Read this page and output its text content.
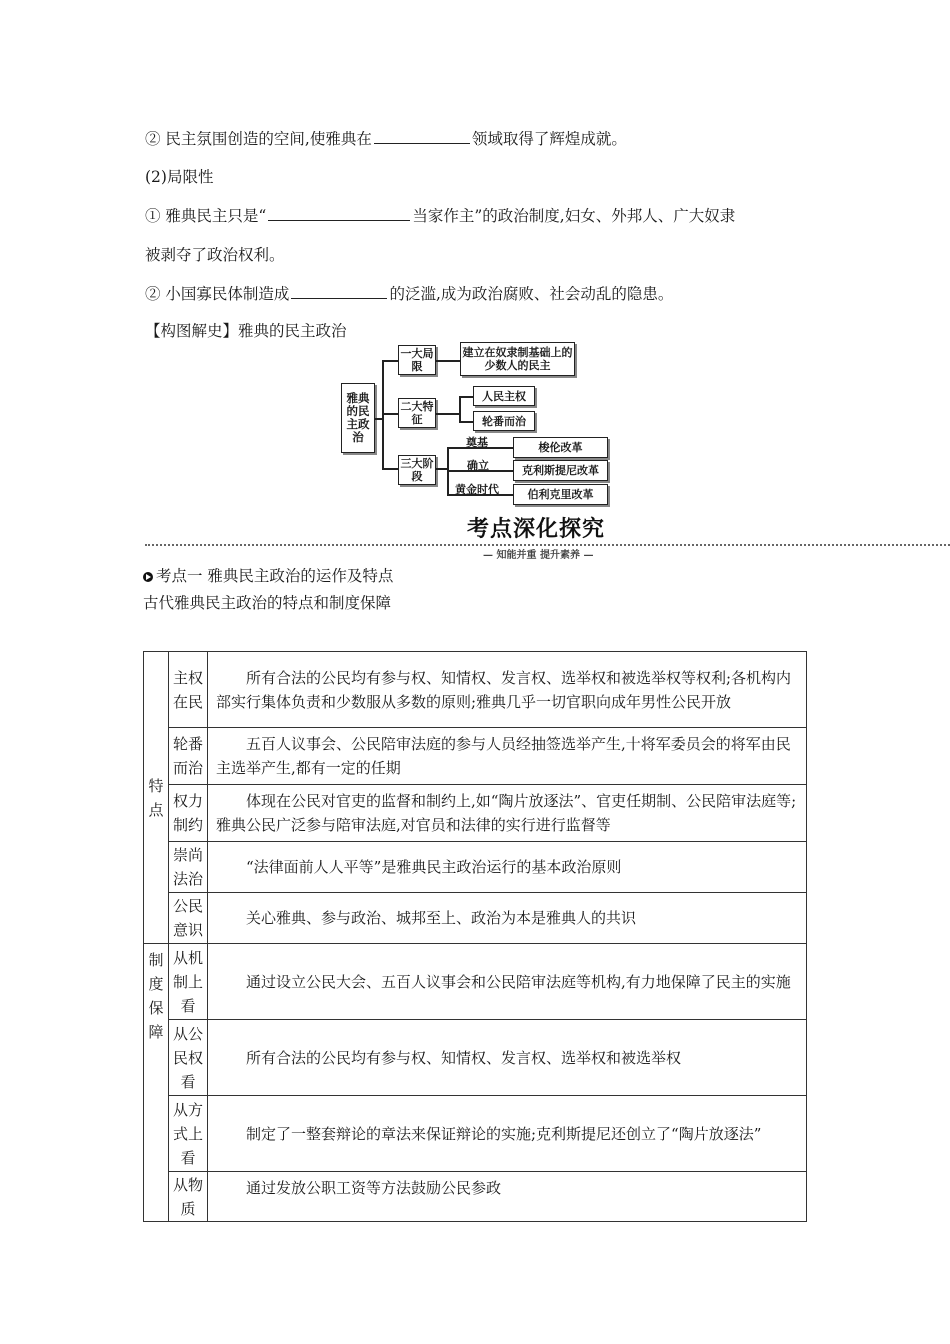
② 民主氛围创造的空间,使雅典在	领域取得了辉煌成就。
(2)局限性
① 雅典民主只是“	当家作主”的政治制度,妇女、外邦人、广大奴隶
被剥夺了政治权利。
② 小国寡民体制造成	的泛滥,成为政治腐败、社会动乱的隐患。
【构图解史】雅典的民主政治
雅典的民主政治
一大局限
建立在奴隶制基础上的少数人的民主
二大特征
人民主权
轮番而治
三大阶段
奠基
确立
黄金时代
梭伦改革
克利斯提尼改革
伯利克里改革
考点深化探究
— 知能并重 提升素养 —
考点一 雅典民主政治的运作及特点
古代雅典民主政治的特点和制度保障
特点	主权在民	所有合法的公民均有参与权、知情权、发言权、选举权和被选举权等权利;各机构内部实行集体负责和少数服从多数的原则;雅典几乎一切官职向成年男性公民开放
	轮番而治	五百人议事会、公民陪审法庭的参与人员经抽签选举产生,十将军委员会的将军由民主选举产生,都有一定的任期
	权力制约	体现在公民对官吏的监督和制约上,如“陶片放逐法”、官吏任期制、公民陪审法庭等;雅典公民广泛参与陪审法庭,对官员和法律的实行进行监督等
	崇尚法治	“法律面前人人平等”是雅典民主政治运行的基本政治原则
	公民意识	关心雅典、参与政治、城邦至上、政治为本是雅典人的共识
制度保障	从机制上看	通过设立公民大会、五百人议事会和公民陪审法庭等机构,有力地保障了民主的实施
	从公民权看	所有合法的公民均有参与权、知情权、发言权、选举权和被选举权
	从方式上看	制定了一整套辩论的章法来保证辩论的实施;克利斯提尼还创立了“陶片放逐法”
	从物质	通过发放公职工资等方法鼓励公民参政
